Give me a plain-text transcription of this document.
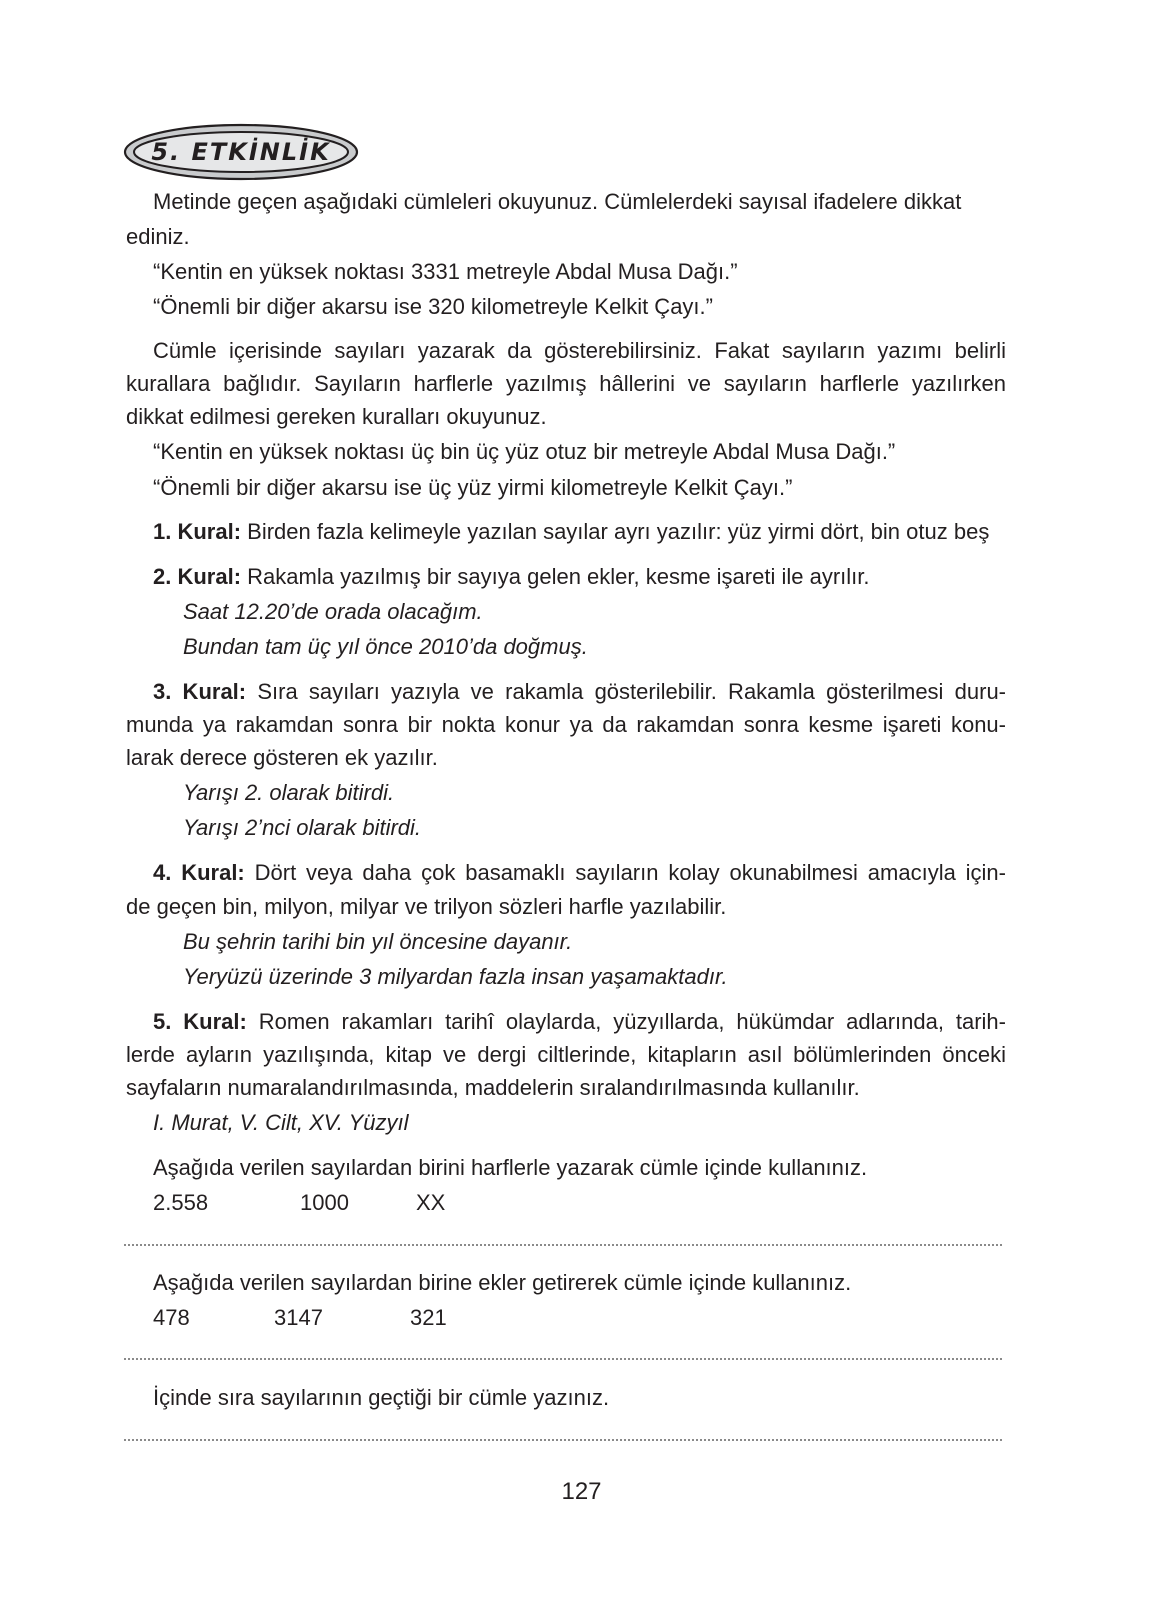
5. ETKİNLİK
Metinde geçen aşağıdaki cümleleri okuyunuz. Cümlelerdeki sayısal ifadelere dikkat
ediniz.
“Kentin en yüksek noktası 3331 metreyle Abdal Musa Dağı.”
“Önemli bir diğer akarsu ise 320 kilometreyle Kelkit Çayı.”
Cümle içerisinde sayıları yazarak da gösterebilirsiniz. Fakat sayıların yazımı belirli
kurallara bağlıdır. Sayıların harflerle yazılmış hâllerini ve sayıların harflerle yazılırken
dikkat edilmesi gereken kuralları okuyunuz.
“Kentin en yüksek noktası üç bin üç yüz otuz bir metreyle Abdal Musa Dağı.”
“Önemli bir diğer akarsu ise üç yüz yirmi kilometreyle Kelkit Çayı.”
1. Kural: Birden fazla kelimeyle yazılan sayılar ayrı yazılır: yüz yirmi dört, bin otuz beş
2. Kural: Rakamla yazılmış bir sayıya gelen ekler, kesme işareti ile ayrılır.
Saat 12.20’de orada olacağım.
Bundan tam üç yıl önce 2010’da doğmuş.
3. Kural: Sıra sayıları yazıyla ve rakamla gösterilebilir. Rakamla gösterilmesi duru-
munda ya rakamdan sonra bir nokta konur ya da rakamdan sonra kesme işareti konu-
larak derece gösteren ek yazılır.
Yarışı 2. olarak bitirdi.
Yarışı 2’nci olarak bitirdi.
4. Kural: Dört veya daha çok basamaklı sayıların kolay okunabilmesi amacıyla için-
de geçen bin, milyon, milyar ve trilyon sözleri harfle yazılabilir.
Bu şehrin tarihi bin yıl öncesine dayanır.
Yeryüzü üzerinde 3 milyardan fazla insan yaşamaktadır.
5. Kural: Romen rakamları tarihî olaylarda, yüzyıllarda, hükümdar adlarında, tarih-
lerde ayların yazılışında, kitap ve dergi ciltlerinde, kitapların asıl bölümlerinden önceki
sayfaların numaralandırılmasında, maddelerin sıralandırılmasında kullanılır.
I. Murat, V. Cilt, XV. Yüzyıl
Aşağıda verilen sayılardan birini harflerle yazarak cümle içinde kullanınız.
2.558	1000	XX
Aşağıda verilen sayılardan birine ekler getirerek cümle içinde kullanınız.
478	3147	321
İçinde sıra sayılarının geçtiği bir cümle yazınız.
127
